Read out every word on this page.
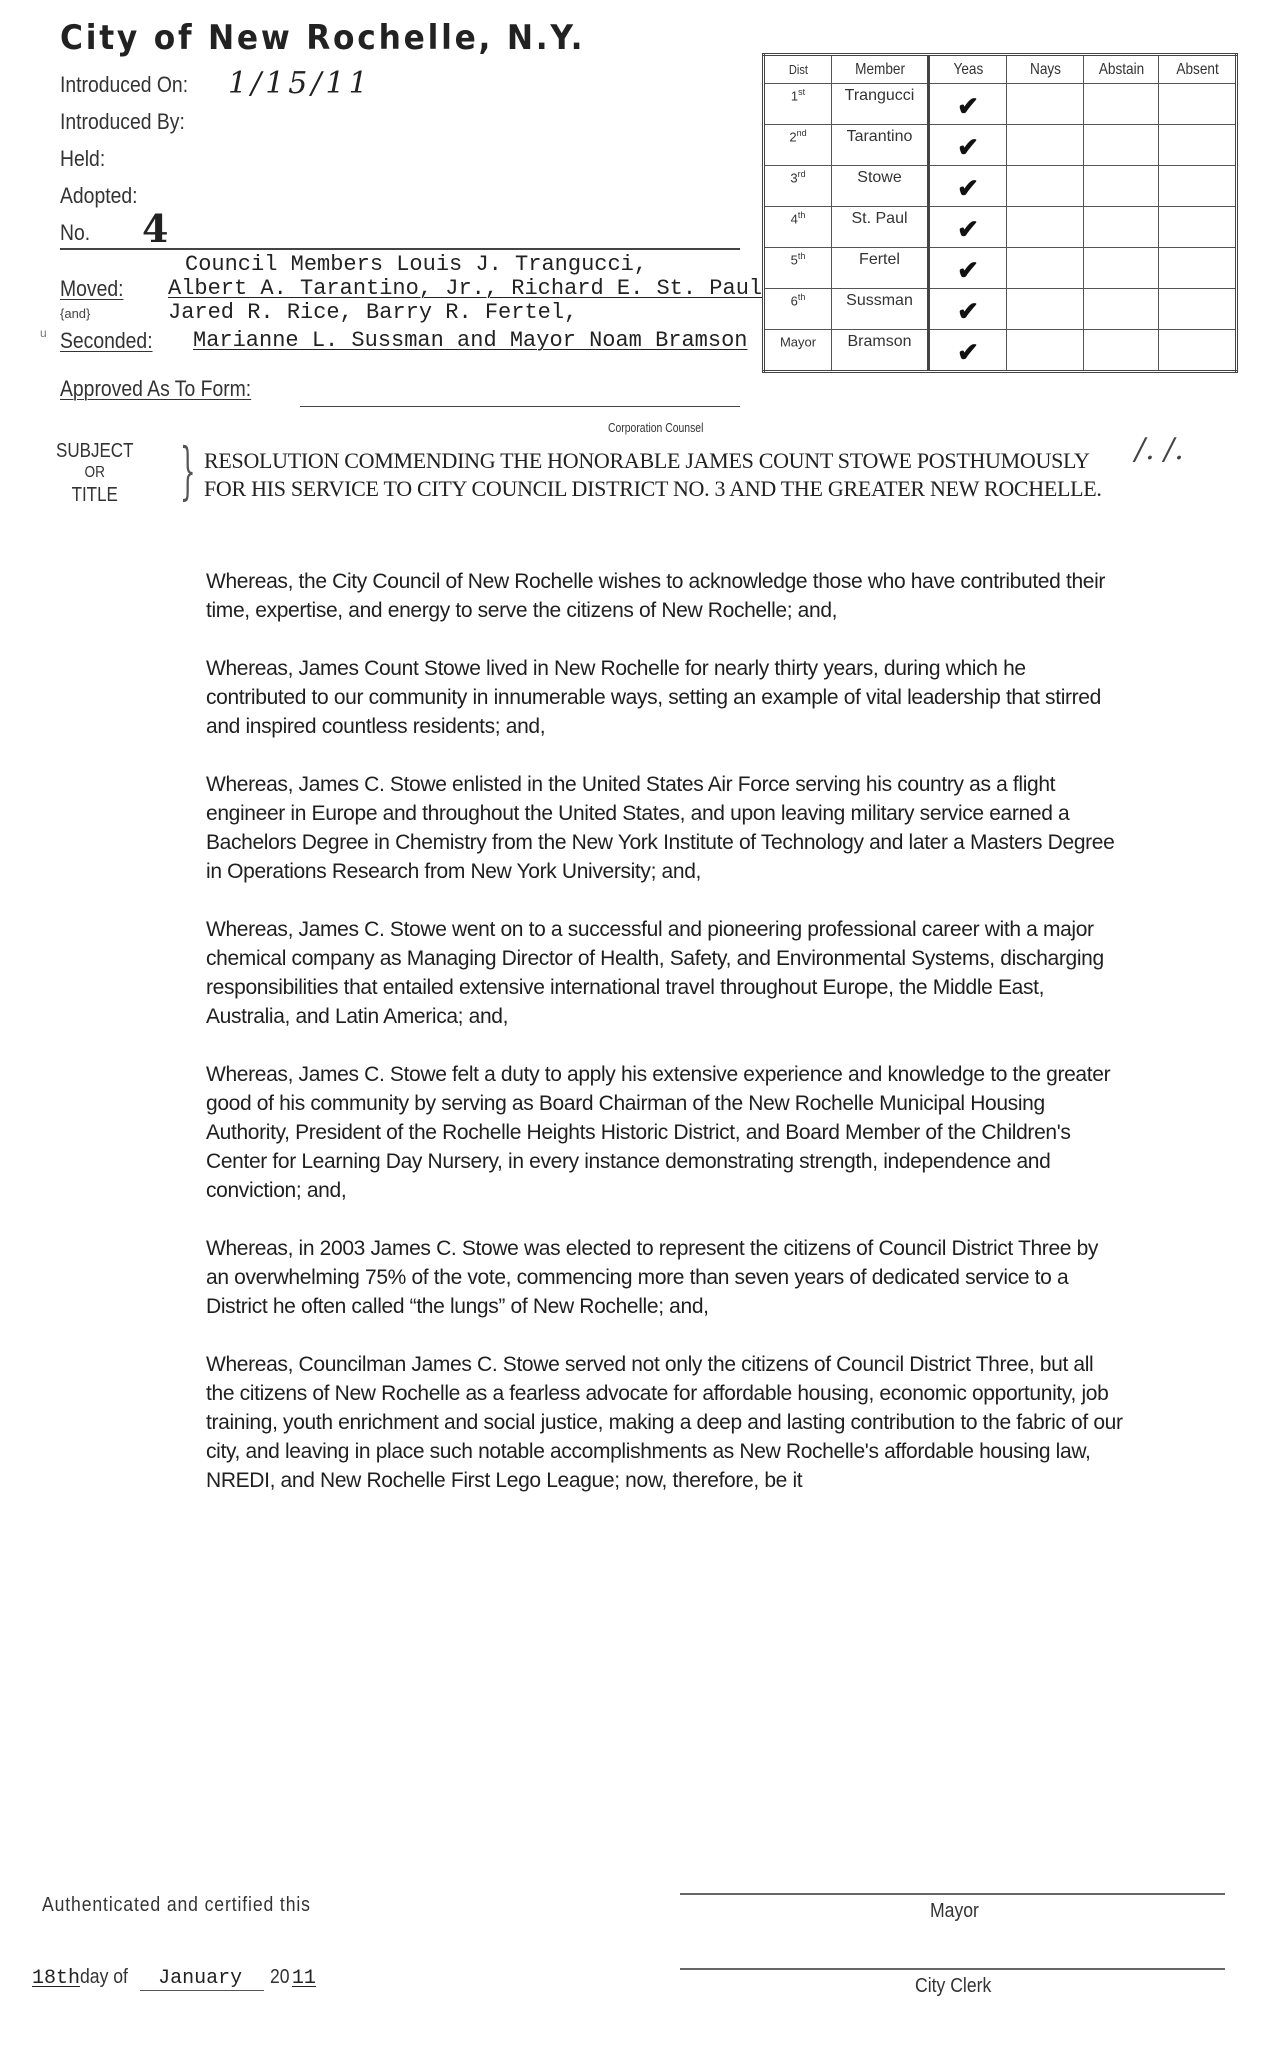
City of New Rochelle, N.Y.
Introduced On: 1/15/11
Introduced By:
Held:
Adopted:
No. 4
Council Members Louis J. Trangucci,
Moved: Albert A. Tarantino, Jr., Richard E. St. Paul
{and}	Jared R. Rice, Barry R. Fertel,
u Seconded: Marianne L. Sussman and Mayor Noam Bramson
Approved As To Form:
Corporation Counsel
Dist	Member	Yeas	Nays	Abstain	Absent
1st	Trangucci	✔			
2nd	Tarantino	✔			
3rd	Stowe	✔			
4th	St. Paul	✔			
5th	Fertel	✔			
6th	Sussman	✔			
Mayor	Bramson	✔			
SUBJECT
OR
TITLE } RESOLUTION COMMENDING THE HONORABLE JAMES COUNT STOWE POSTHUMOUSLY FOR HIS SERVICE TO CITY COUNCIL DISTRICT NO. 3 AND THE GREATER NEW ROCHELLE.
/. /.

Whereas, the City Council of New Rochelle wishes to acknowledge those who have contributed their time, expertise, and energy to serve the citizens of New Rochelle; and,

Whereas, James Count Stowe lived in New Rochelle for nearly thirty years, during which he contributed to our community in innumerable ways, setting an example of vital leadership that stirred and inspired countless residents; and,

Whereas, James C. Stowe enlisted in the United States Air Force serving his country as a flight engineer in Europe and throughout the United States, and upon leaving military service earned a Bachelors Degree in Chemistry from the New York Institute of Technology and later a Masters Degree in Operations Research from New York University; and,

Whereas, James C. Stowe went on to a successful and pioneering professional career with a major chemical company as Managing Director of Health, Safety, and Environmental Systems, discharging responsibilities that entailed extensive international travel throughout Europe, the Middle East, Australia, and Latin America; and,

Whereas, James C. Stowe felt a duty to apply his extensive experience and knowledge to the greater good of his community by serving as Board Chairman of the New Rochelle Municipal Housing Authority, President of the Rochelle Heights Historic District, and Board Member of the Children's Center for Learning Day Nursery, in every instance demonstrating strength, independence and conviction; and,

Whereas, in 2003 James C. Stowe was elected to represent the citizens of Council District Three by an overwhelming 75% of the vote, commencing more than seven years of dedicated service to a District he often called “the lungs” of New Rochelle; and,

Whereas, Councilman James C. Stowe served not only the citizens of Council District Three, but all the citizens of New Rochelle as a fearless advocate for affordable housing, economic opportunity, job training, youth enrichment and social justice, making a deep and lasting contribution to the fabric of our city, and leaving in place such notable accomplishments as New Rochelle's affordable housing law, NREDI, and New Rochelle First Lego League; now, therefore, be it

Authenticated and certified this
18thday of January 20 11
Mayor
City Clerk
